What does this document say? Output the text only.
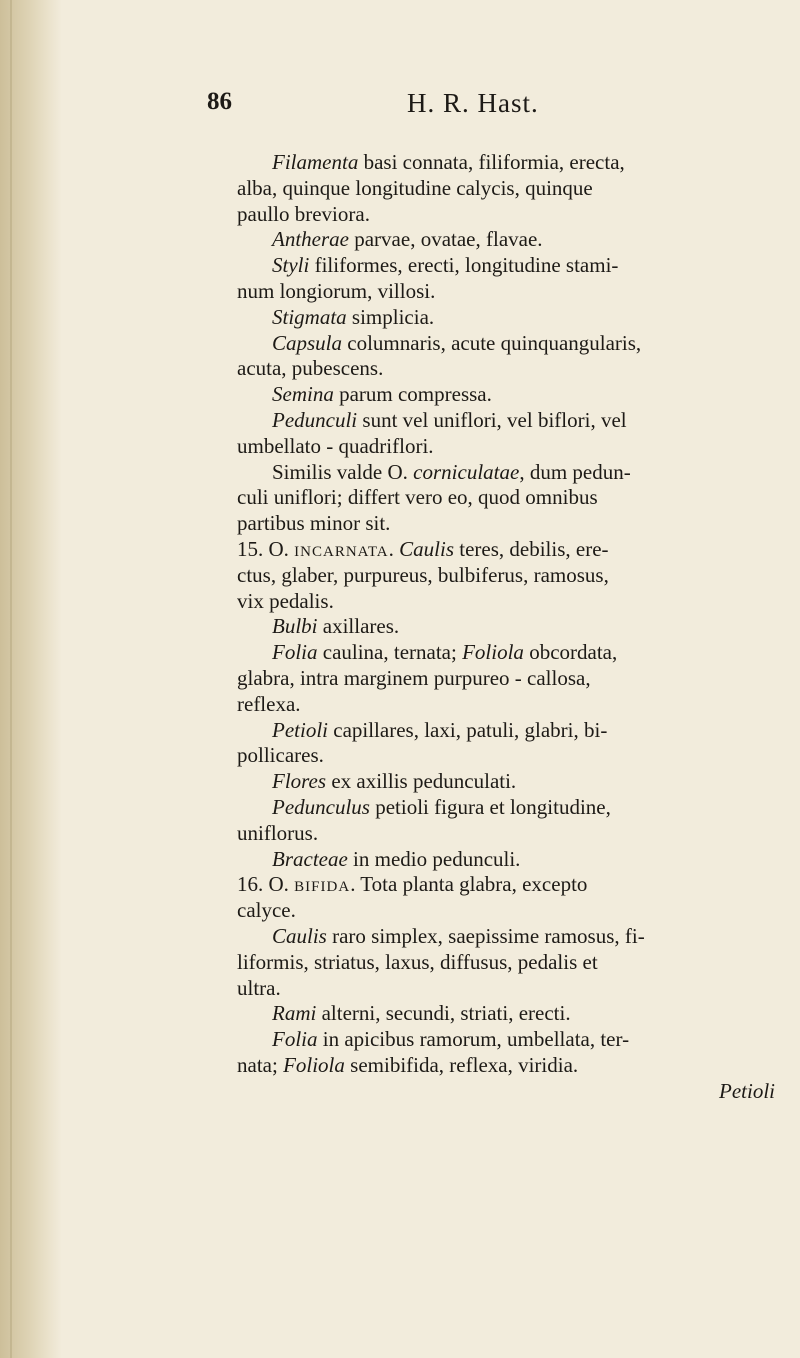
86	H. R. Hast.
Filamenta basi connata, filiformia, erecta,
alba, quinque longitudine calycis, quinque
paullo breviora.
Antherae parvae, ovatae, flavae.
Styli filiformes, erecti, longitudine stami-
num longiorum, villosi.
Stigmata simplicia.
Capsula columnaris, acute quinquangularis,
acuta, pubescens.
Semina parum compressa.
Pedunculi sunt vel uniflori, vel biflori, vel
umbellato - quadriflori.
Similis valde O. corniculatae, dum pedun-
culi uniflori; differt vero eo, quod omnibus
partibus minor sit.
15. O. incarnata. Caulis teres, debilis, ere-
ctus, glaber, purpureus, bulbiferus, ramosus,
vix pedalis.
Bulbi axillares.
Folia caulina, ternata; Foliola obcordata,
glabra, intra marginem purpureo - callosa,
reflexa.
Petioli capillares, laxi, patuli, glabri, bi-
pollicares.
Flores ex axillis pedunculati.
Pedunculus petioli figura et longitudine,
uniflorus.
Bracteae in medio pedunculi.
16. O. bifida. Tota planta glabra, excepto
calyce.
Caulis raro simplex, saepissime ramosus, fi-
liformis, striatus, laxus, diffusus, pedalis et
ultra.
Rami alterni, secundi, striati, erecti.
Folia in apicibus ramorum, umbellata, ter-
nata; Foliola semibifida, reflexa, viridia.
Petioli
